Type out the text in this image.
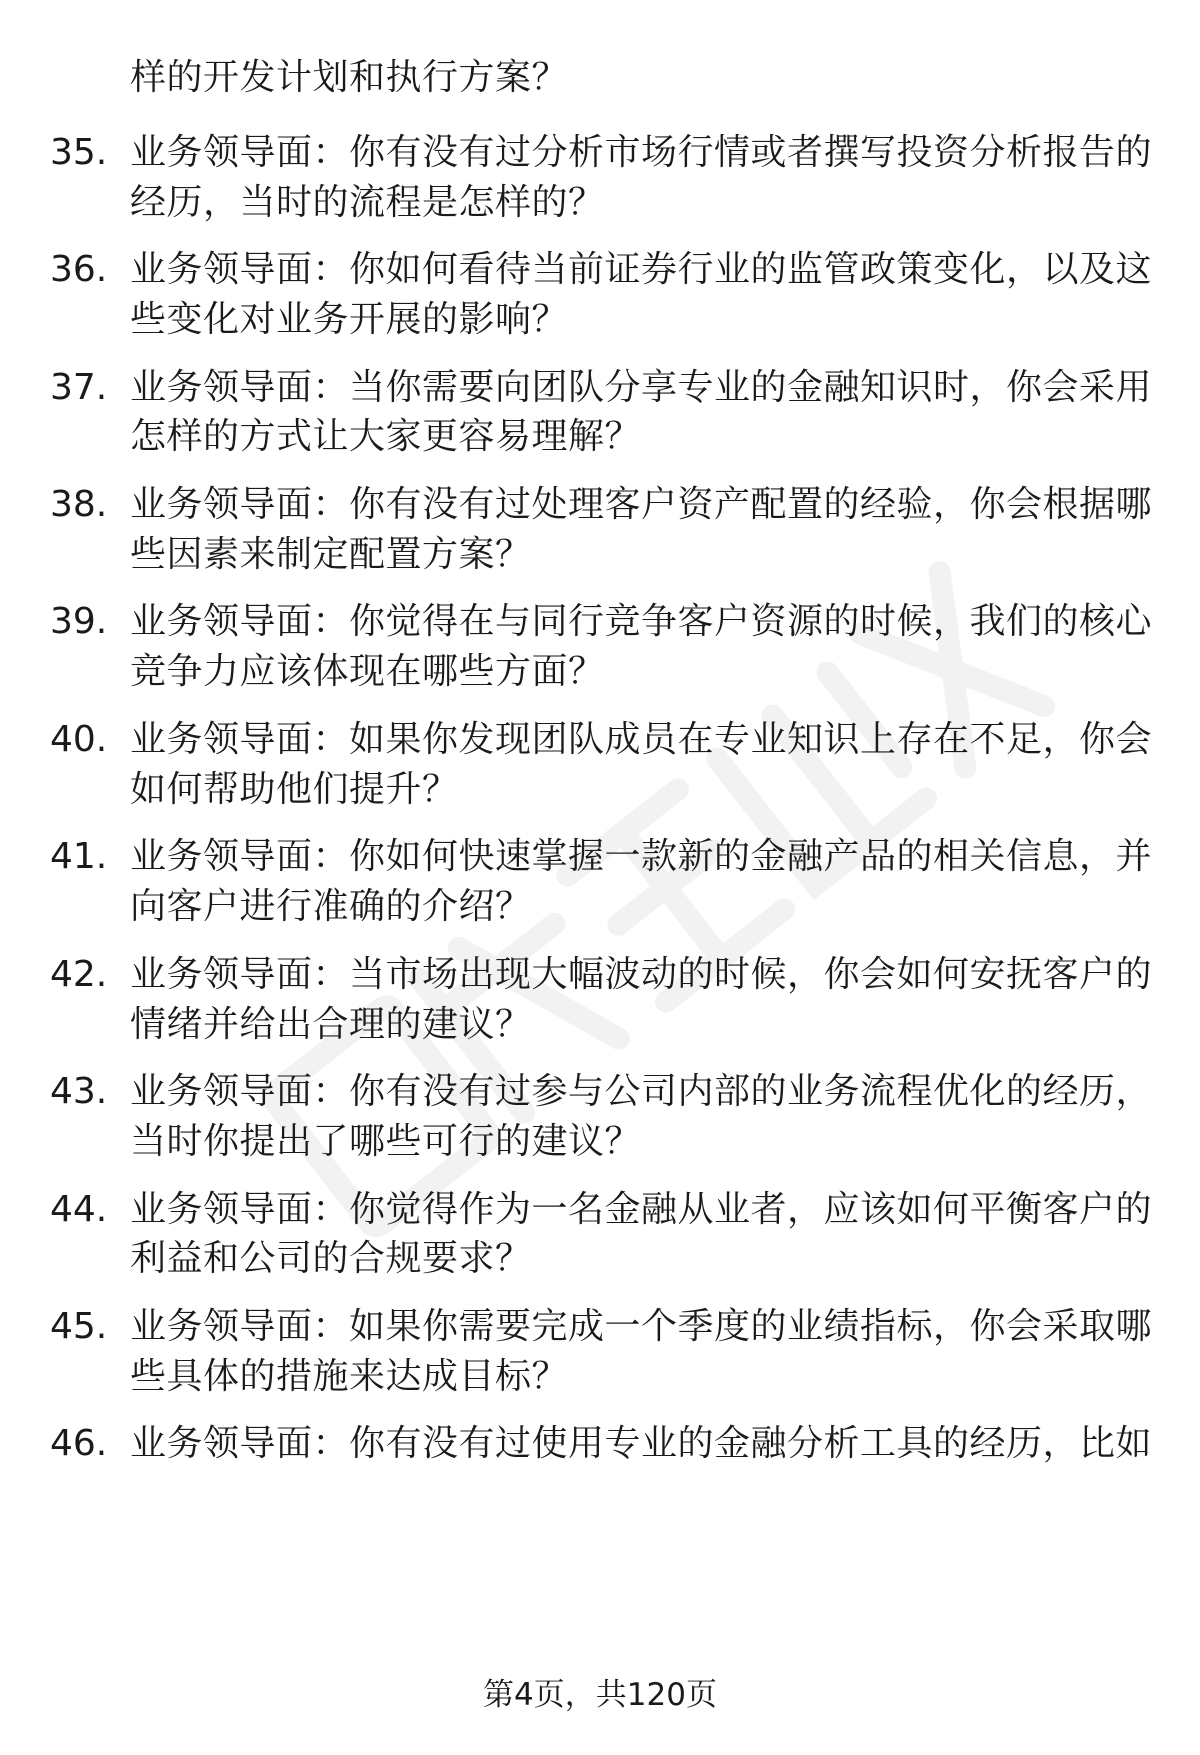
样的开发计划和执行方案？
35. 业务领导面：你有没有过分析市场行情或者撰写投资分析报告的
经历，当时的流程是怎样的？
36. 业务领导面：你如何看待当前证券行业的监管政策变化，以及这
些变化对业务开展的影响？
37. 业务领导面：当你需要向团队分享专业的金融知识时，你会采用
怎样的方式让大家更容易理解？
38. 业务领导面：你有没有过处理客户资产配置的经验，你会根据哪
些因素来制定配置方案？
39. 业务领导面：你觉得在与同行竞争客户资源的时候，我们的核心
竞争力应该体现在哪些方面？
40. 业务领导面：如果你发现团队成员在专业知识上存在不足，你会
如何帮助他们提升？
41. 业务领导面：你如何快速掌握一款新的金融产品的相关信息，并
向客户进行准确的介绍？
42. 业务领导面：当市场出现大幅波动的时候，你会如何安抚客户的
情绪并给出合理的建议？
43. 业务领导面：你有没有过参与公司内部的业务流程优化的经历，
当时你提出了哪些可行的建议？
44. 业务领导面：你觉得作为一名金融从业者，应该如何平衡客户的
利益和公司的合规要求？
45. 业务领导面：如果你需要完成一个季度的业绩指标，你会采取哪
些具体的措施来达成目标？
46. 业务领导面：你有没有过使用专业的金融分析工具的经历，比如
第4页，共120页
